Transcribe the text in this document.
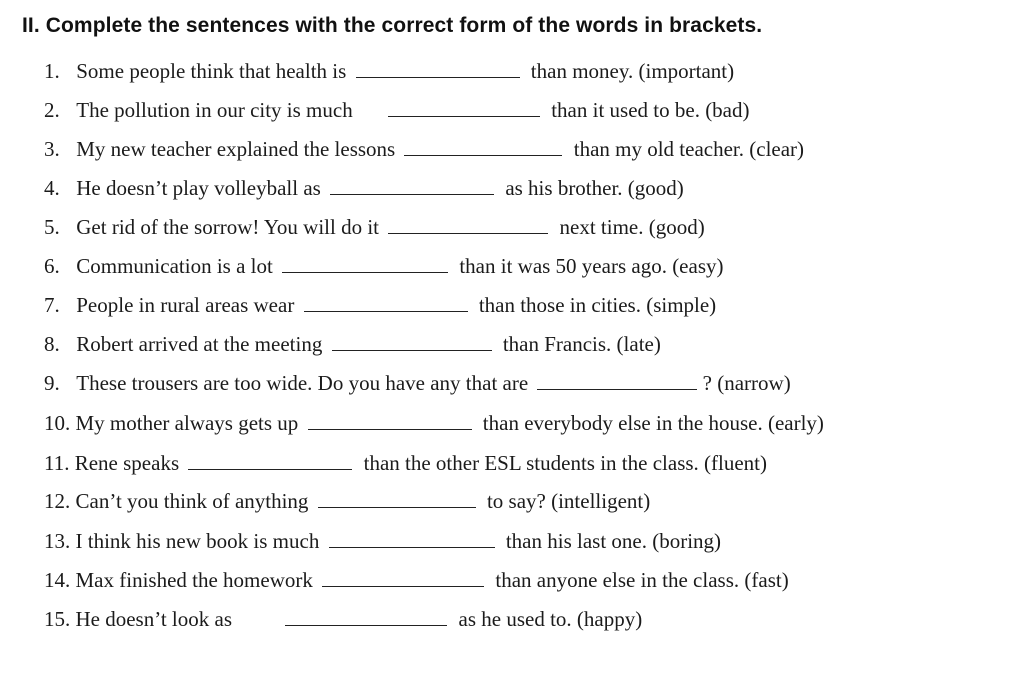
II. Complete the sentences with the correct form of the words in brackets.
1. Some people think that health is	than money. (important)
2. The pollution in our city is much	than it used to be. (bad)
3. My new teacher explained the lessons	than my old teacher. (clear)
4. He doesn’t play volleyball as	as his brother. (good)
5. Get rid of the sorrow! You will do it	next time. (good)
6. Communication is a lot	than it was 50 years ago. (easy)
7. People in rural areas wear	than those in cities. (simple)
8. Robert arrived at the meeting	than Francis. (late)
9. These trousers are too wide. Do you have any that are	? (narrow)
10. My mother always gets up	than everybody else in the house. (early)
11. Rene speaks	than the other ESL students in the class. (fluent)
12. Can’t you think of anything	to say? (intelligent)
13. I think his new book is much	than his last one. (boring)
14. Max finished the homework	than anyone else in the class. (fast)
15. He doesn’t look as	as he used to. (happy)
